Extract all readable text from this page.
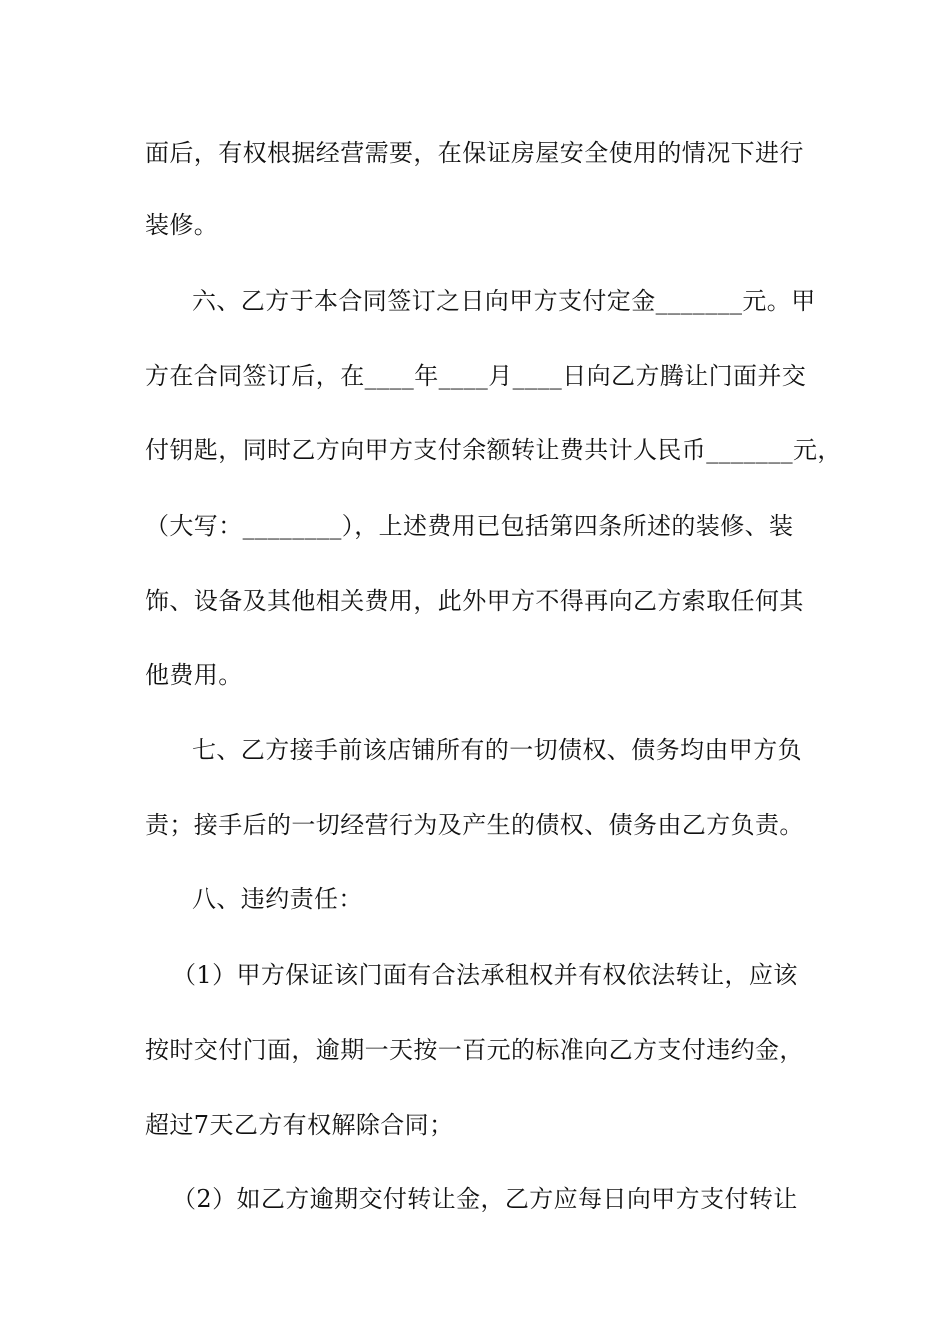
面后，有权根据经营需要，在保证房屋安全使用的情况下进行
装修。
六、乙方于本合同签订之日向甲方支付定金_______元。甲
方在合同签订后，在____年____月____日向乙方腾让门面并交
付钥匙，同时乙方向甲方支付余额转让费共计人民币_______元，
（大写：________），上述费用已包括第四条所述的装修、装
饰、设备及其他相关费用，此外甲方不得再向乙方索取任何其
他费用。
七、乙方接手前该店铺所有的一切债权、债务均由甲方负
责；接手后的一切经营行为及产生的债权、债务由乙方负责。
八、违约责任：
（1）甲方保证该门面有合法承租权并有权依法转让，应该
按时交付门面，逾期一天按一百元的标准向乙方支付违约金，
超过7天乙方有权解除合同；
（2）如乙方逾期交付转让金，乙方应每日向甲方支付转让
